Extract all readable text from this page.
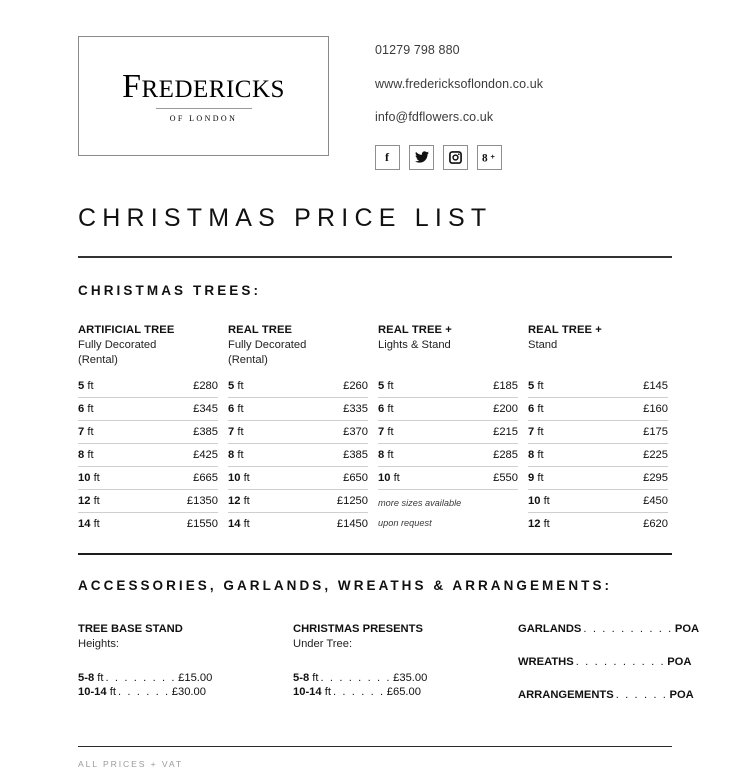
FREDERICKS
OF LONDON
01279 798 880
www.fredericksoflondon.co.uk
info@fdflowers.co.uk
f	8 +
CHRISTMAS PRICE LIST
CHRISTMAS TREES:
ARTIFICIAL TREE
Fully Decorated
(Rental)
5 ft	£280
6 ft	£345
7 ft	£385
8 ft	£425
10 ft	£665
12 ft	£1350
14 ft	£1550
REAL TREE
Fully Decorated
(Rental)
5 ft	£260
6 ft	£335
7 ft	£370
8 ft	£385
10 ft	£650
12 ft	£1250
14 ft	£1450
REAL TREE +
Lights & Stand

5 ft	£185
6 ft	£200
7 ft	£215
8 ft	£285
10 ft	£550
more sizes available
upon request
REAL TREE +
Stand

5 ft	£145
6 ft	£160
7 ft	£175
8 ft	£225
9 ft	£295
10 ft	£450
12 ft	£620
ACCESSORIES, GARLANDS, WREATHS & ARRANGEMENTS:
TREE BASE STAND
Heights:
5-8 ft . . . . . . . . £15.00
10-14 ft . . . . . . £30.00
CHRISTMAS PRESENTS
Under Tree:
5-8 ft . . . . . . . . £35.00
10-14 ft . . . . . . £65.00
GARLANDS . . . . . . . . . . POA
WREATHS . . . . . . . . . . POA
ARRANGEMENTS . . . . . . POA
ALL PRICES + VAT
